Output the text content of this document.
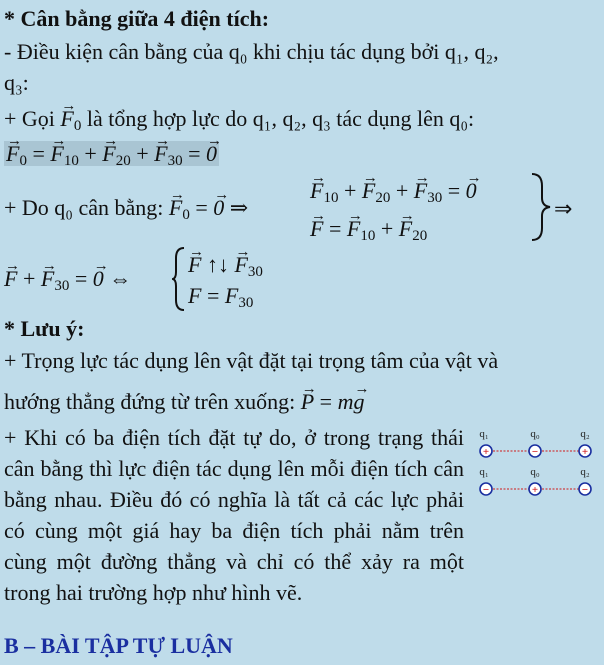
* Cân bằng giữa 4 điện tích:
- Điều kiện cân bằng của q₀ khi chịu tác dụng bởi q₁, q₂,
q₃:
+ Gọi → $F_0$ là tổng hợp lực do q₁, q₂, q₃ tác dụng lên q₀:
→ $F_0$ = → $F_{10}$ + → $F_{20}$ + → $F_{30}$ = → 0
+ Do q₀ cân bằng: → $F_0$ = → 0 ⇒
→ $F_{10}$ + → $F_{20}$ + → $F_{30}$ = → 0
→ F = → $F_{10}$ + → $F_{20}$
⇒
→ F + → $F_{30}$ = → 0 ⇔
→ F ↑↓ → $F_{30}$
$F = F_{30}$
* Lưu ý:
+ Trọng lực tác dụng lên vật đặt tại trọng tâm của vật và
hướng thẳng đứng từ trên xuống: → P = m→ g
+ Khi có ba điện tích đặt tự do, ở trong trạng thái cân bằng thì lực điện tác dụng lên mỗi điện tích cân bằng nhau. Điều đó có nghĩa là tất cả các lực phải có cùng một giá hay ba điện tích phải nằm trên cùng một đường thẳng và chỉ có thể xảy ra một trong hai trường hợp như hình vẽ.
B – BÀI TẬP TỰ LUẬN
q₁
+
q₀
−
q₂
+
q₁
−
q₀
+
q₂
−
